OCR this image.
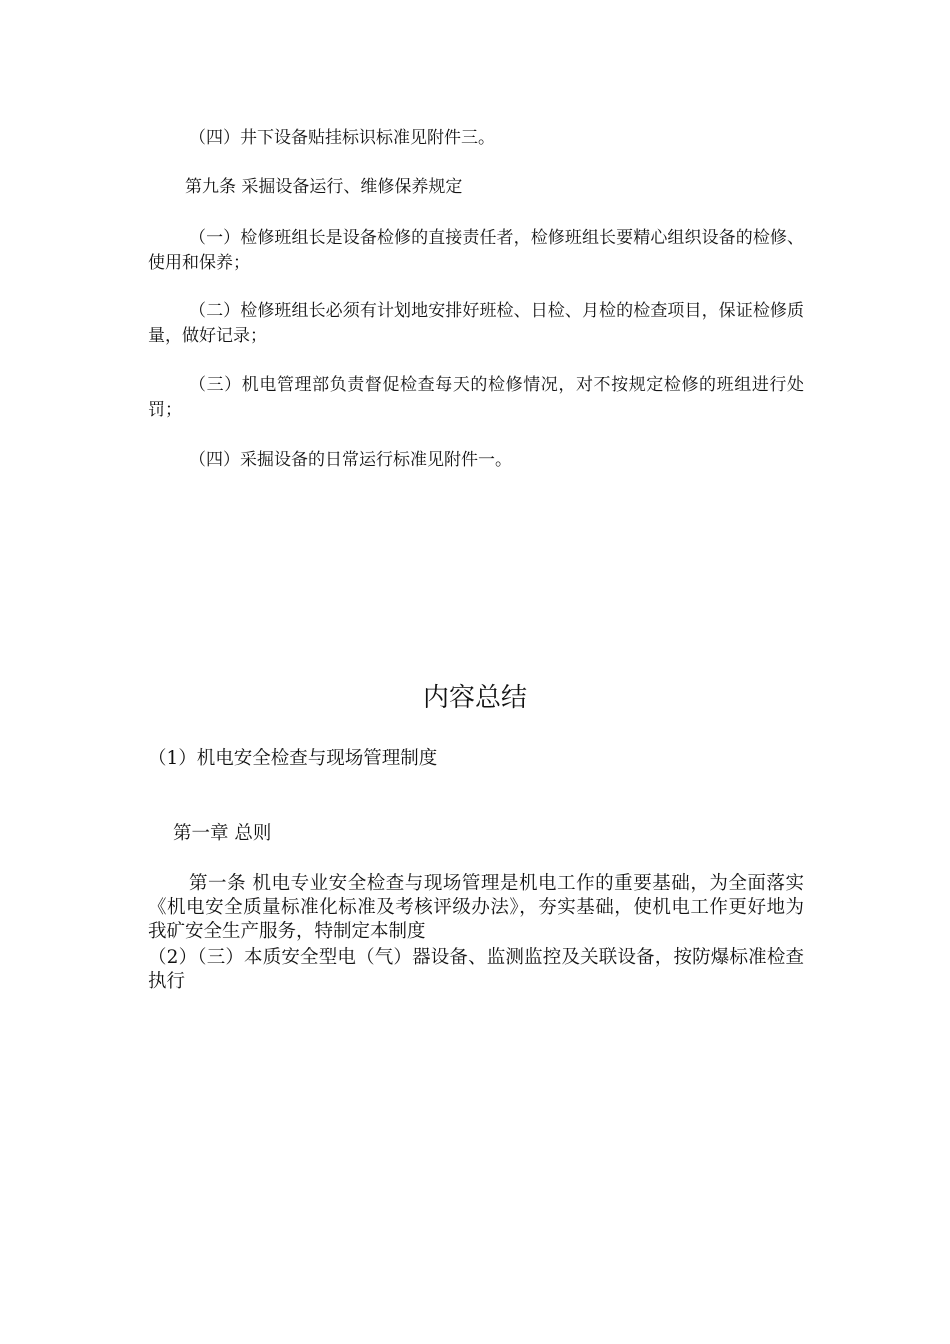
（四）井下设备贴挂标识标准见附件三。
第九条 采掘设备运行、维修保养规定
（一）检修班组长是设备检修的直接责任者，检修班组长要精心组织设备的检修、使用和保养；
（二）检修班组长必须有计划地安排好班检、日检、月检的检查项目，保证检修质量，做好记录；
（三）机电管理部负责督促检查每天的检修情况，对不按规定检修的班组进行处罚；
（四）采掘设备的日常运行标准见附件一。
内容总结
（1）机电安全检查与现场管理制度
第一章 总则
第一条 机电专业安全检查与现场管理是机电工作的重要基础，为全面落实《机电安全质量标准化标准及考核评级办法》，夯实基础，使机电工作更好地为我矿安全生产服务，特制定本制度
（2）（三）本质安全型电（气）器设备、监测监控及关联设备，按防爆标准检查执行
